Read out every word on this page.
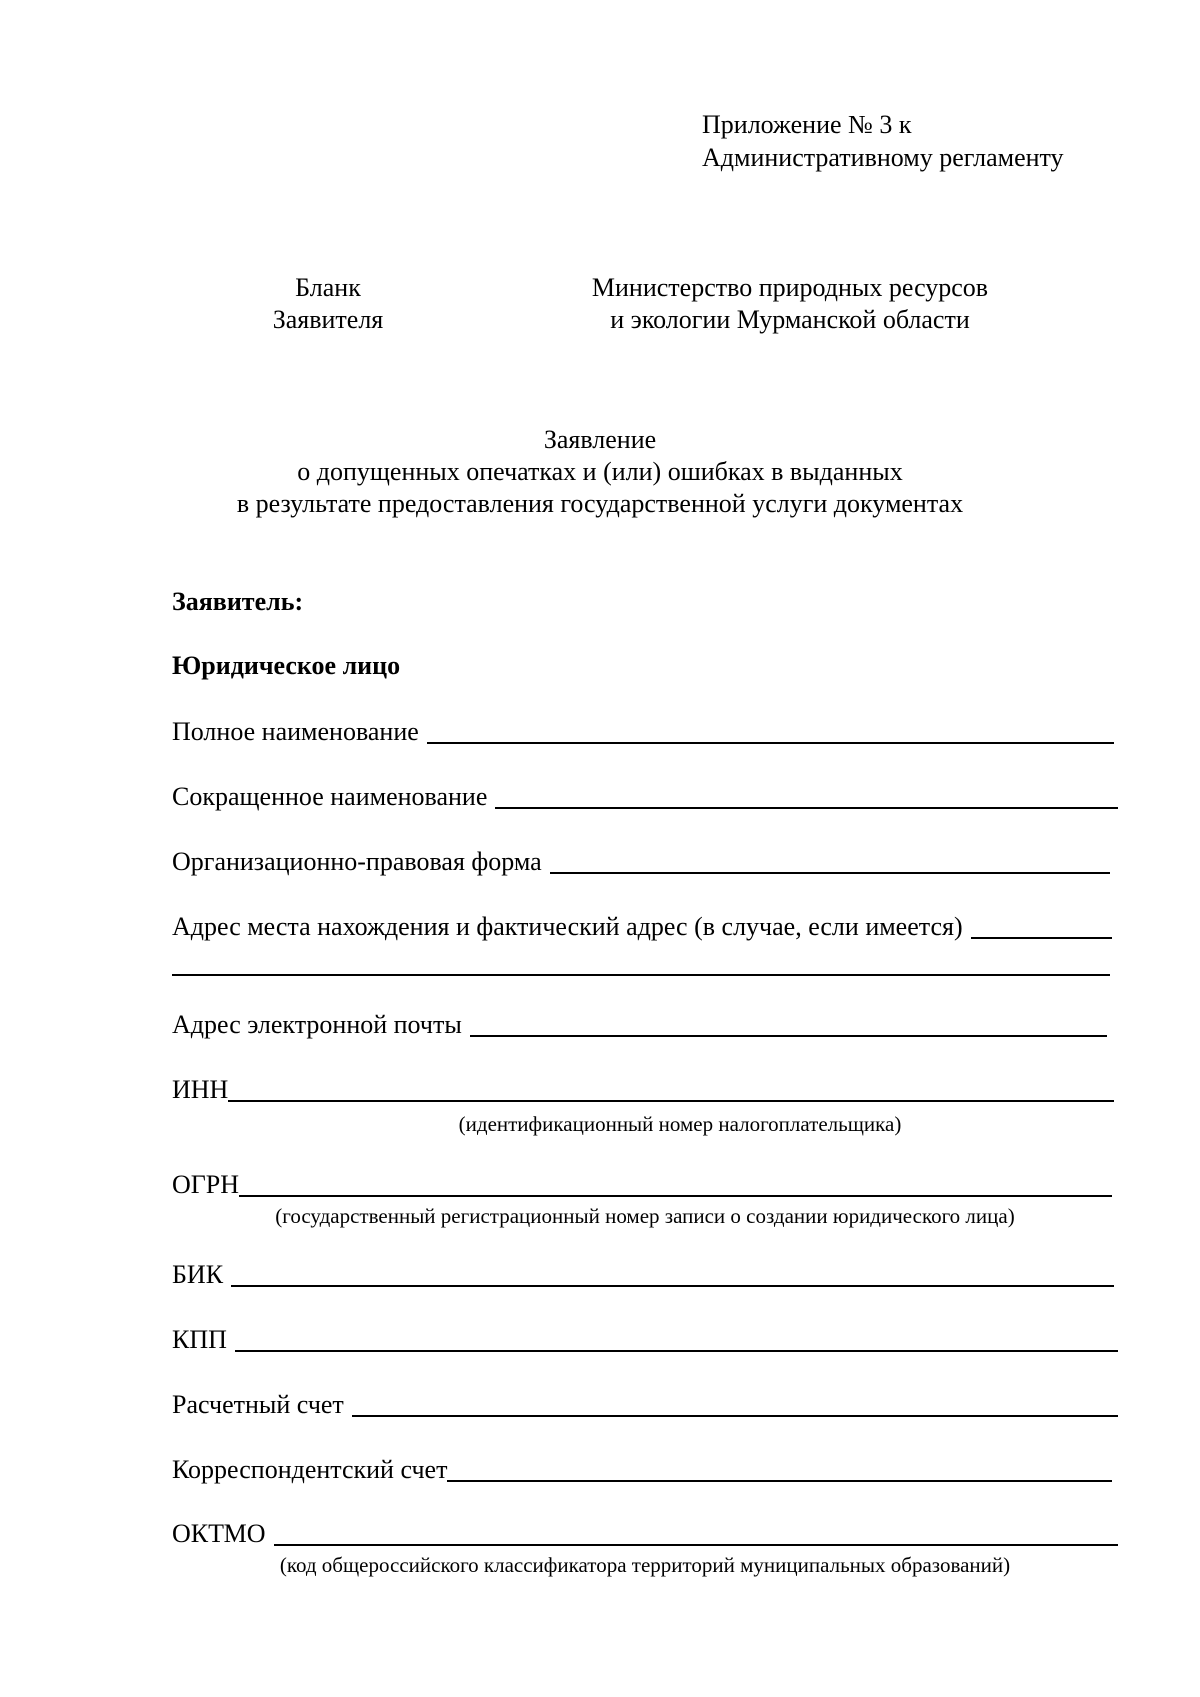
Приложение № 3 к
Административному регламенту
Бланк
Заявителя
Министерство природных ресурсов
и экологии Мурманской области
Заявление
о допущенных опечатках и (или) ошибках в выданных
в результате предоставления государственной услуги документах
Заявитель:
Юридическое лицо
Полное наименование
Сокращенное наименование
Организационно-правовая форма
Адрес места нахождения и фактический адрес (в случае, если имеется)
Адрес электронной почты
ИНН
(идентификационный номер налогоплательщика)
ОГРН
(государственный регистрационный номер записи о создании юридического лица)
БИК
КПП
Расчетный счет
Корреспондентский счет
ОКТМО
(код общероссийского классификатора территорий муниципальных образований)
